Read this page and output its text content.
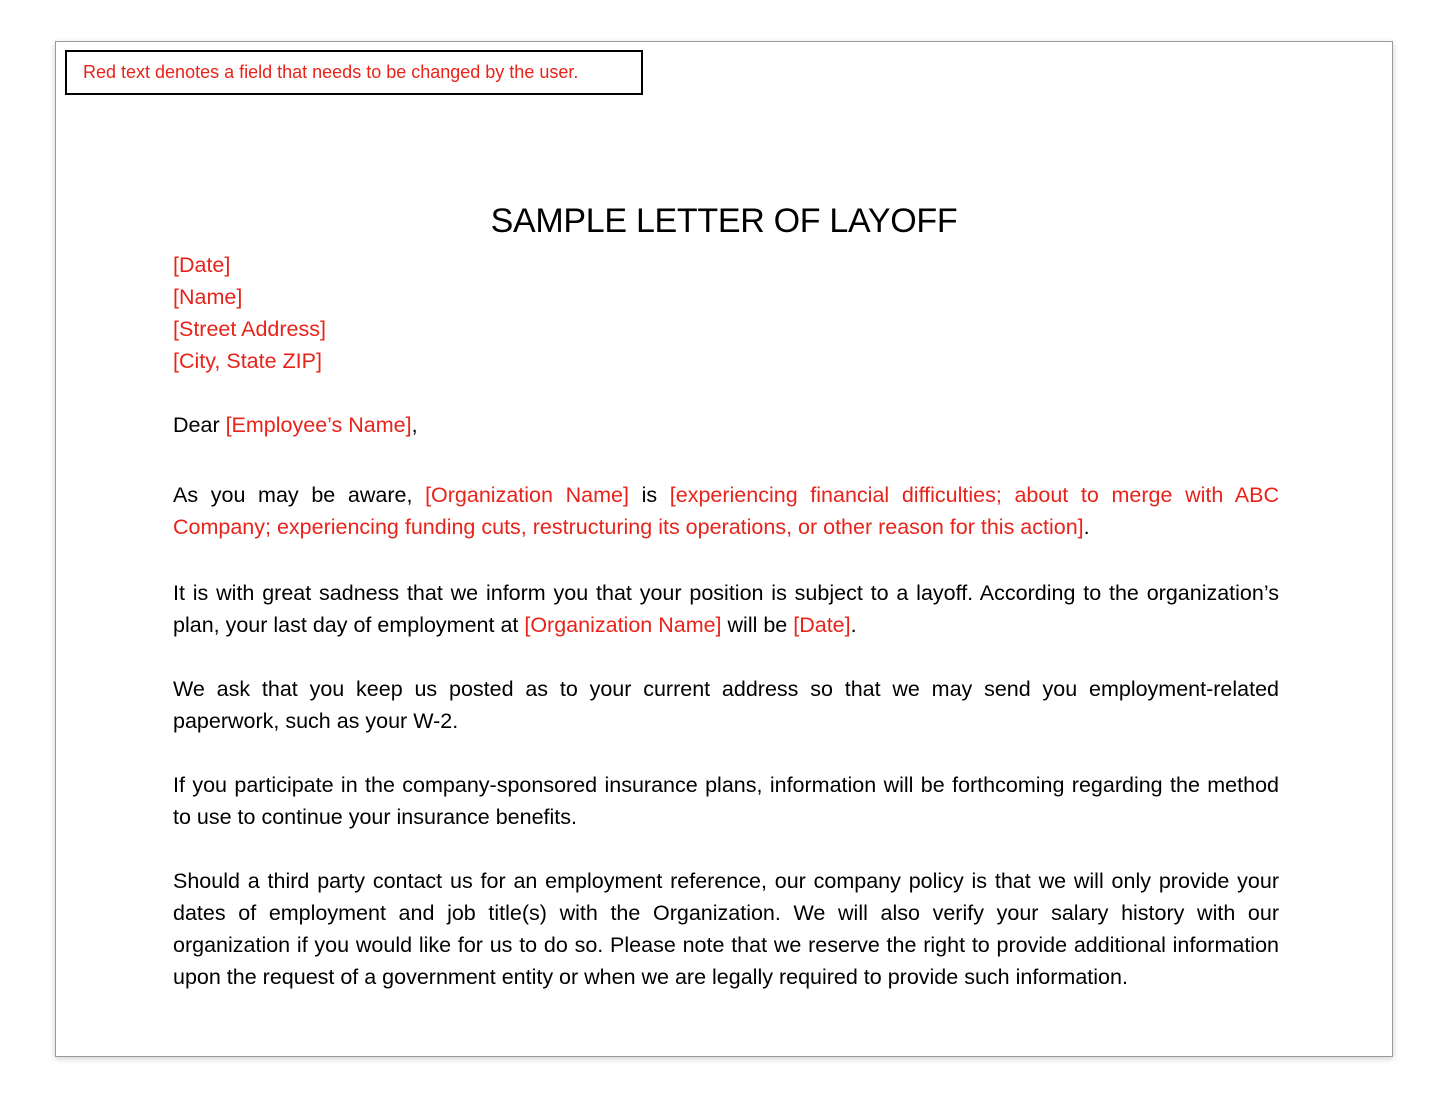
Red text denotes a field that needs to be changed by the user.
SAMPLE LETTER OF LAYOFF
[Date]
[Name]
[Street Address]
[City, State ZIP]

Dear [Employee’s Name],

As you may be aware, [Organization Name] is [experiencing financial difficulties; about to merge with ABC Company; experiencing funding cuts, restructuring its operations, or other reason for this action].

It is with great sadness that we inform you that your position is subject to a layoff. According to the organization’s plan, your last day of employment at [Organization Name] will be [Date].

We ask that you keep us posted as to your current address so that we may send you employment-related paperwork, such as your W-2.

If you participate in the company-sponsored insurance plans, information will be forthcoming regarding the method to use to continue your insurance benefits.

Should a third party contact us for an employment reference, our company policy is that we will only provide your dates of employment and job title(s) with the Organization. We will also verify your salary history with our organization if you would like for us to do so. Please note that we reserve the right to provide additional information upon the request of a government entity or when we are legally required to provide such information.
